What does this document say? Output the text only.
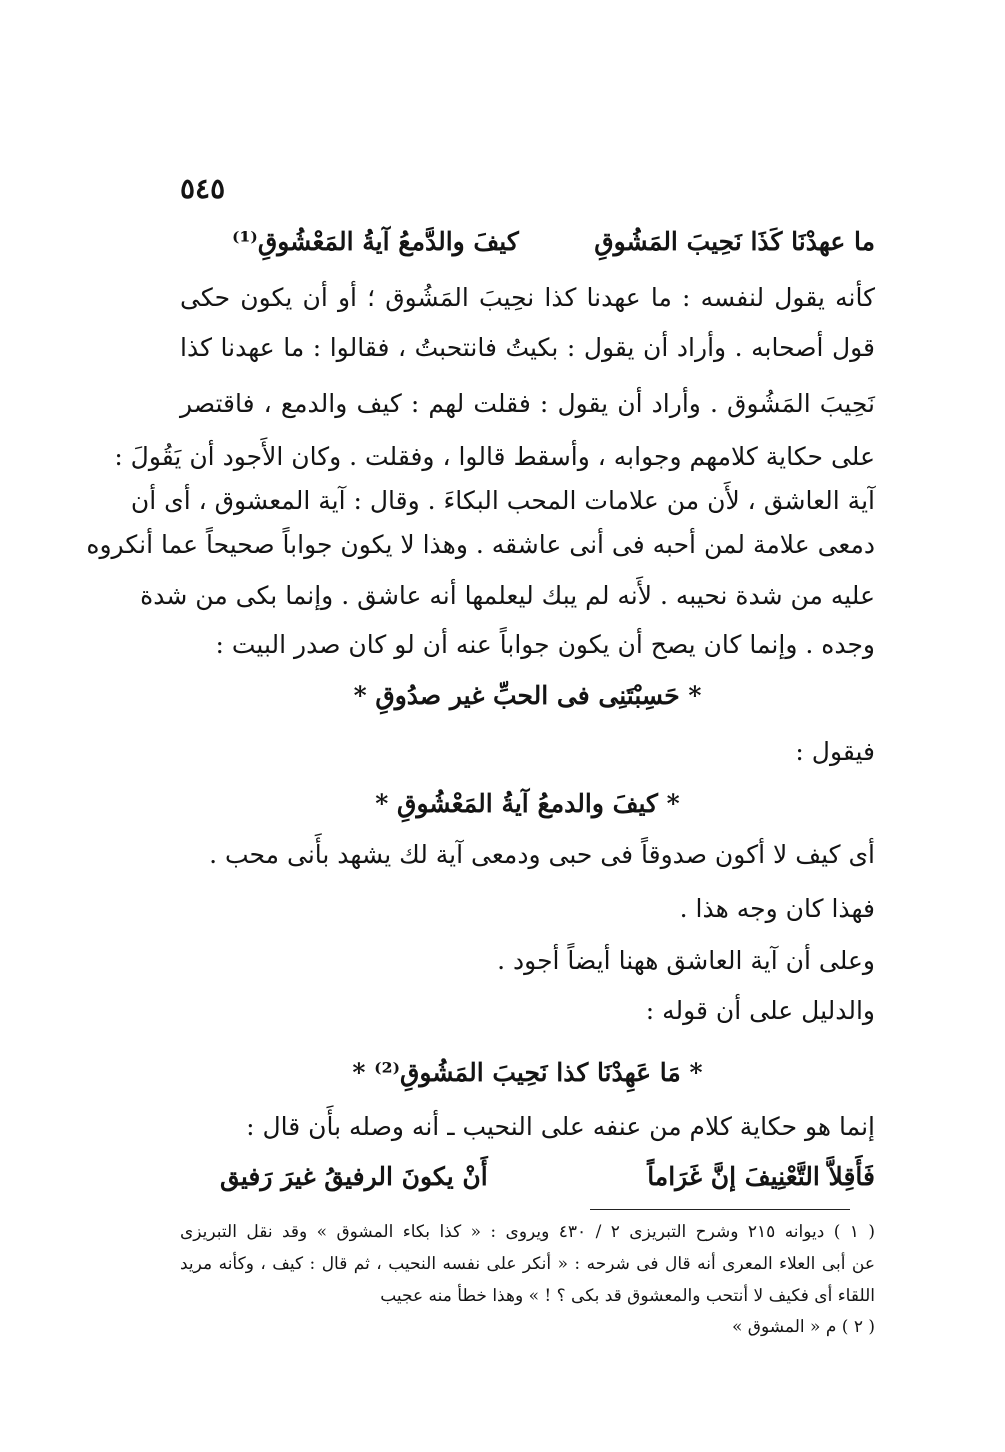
٥٤٥
ما عهدْنَا كَذَا نَحِيبَ المَشُوقِ
كيفَ والدَّمعُ آيةُ المَعْشُوقِ⁽¹⁾
كأنه يقول لنفسه : ما عهدنا كذا نحِيبَ المَشُوق ؛ أو أن يكون حكى
قول أصحابه . وأراد أن يقول : بكيتُ فانتحبتُ ، فقالوا : ما عهدنا كذا
نَحِيبَ المَشُوق . وأراد أن يقول : فقلت لهم : كيف والدمع ، فاقتصر
على حكاية كلامهم وجوابه ، وأسقط قالوا ، وفقلت . وكان الأَجود أن يَقُولَ :
آية العاشق ، لأَن من علامات المحب البكاءَ . وقال : آية المعشوق ، أى أن
دمعى علامة لمن أحبه فى أنى عاشقه . وهذا لا يكون جواباً صحيحاً عما أنكروه
عليه من شدة نحيبه . لأَنه لم يبك ليعلمها أنه عاشق . وإنما بكى من شدة
وجده . وإنما كان يصح أن يكون جواباً عنه أن لو كان صدر البيت :
* حَسِبْتَنِى فى الحبِّ غير صدُوقِ *
فيقول :
* كيفَ والدمعُ آيةُ المَعْشُوقِ *
أى كيف لا أكون صدوقاً فى حبى ودمعى آية لك يشهد بأَنى محب .
فهذا كان وجه هذا .
وعلى أن آية العاشق ههنا أيضاً أجود .
والدليل على أن قوله :
* مَا عَهِدْنَا كذا نَحِيبَ المَشُوقِ⁽²⁾ *
إنما هو حكاية كلام من عنفه على النحيب ـ أنه وصله بأَن قال :
فَأَقِلاَّ التَّعْنِيفَ إنَّ غَرَاماً
أَنْ يكونَ الرفيقُ غيرَ رَفيق
( ١ ) ديوانه ٢١٥ وشرح التبريزى ٢ / ٤٣٠ ويروى : « كذا بكاء المشوق » وقد نقل التبريزى
عن أبى العلاء المعرى أنه قال فى شرحه : « أنكر على نفسه النحيب ، ثم قال : كيف ، وكأنه مريد
اللقاء أى فكيف لا أنتحب والمعشوق قد بكى ؟ ! » وهذا خطأ منه عجيب
( ٢ ) م « المشوق »
